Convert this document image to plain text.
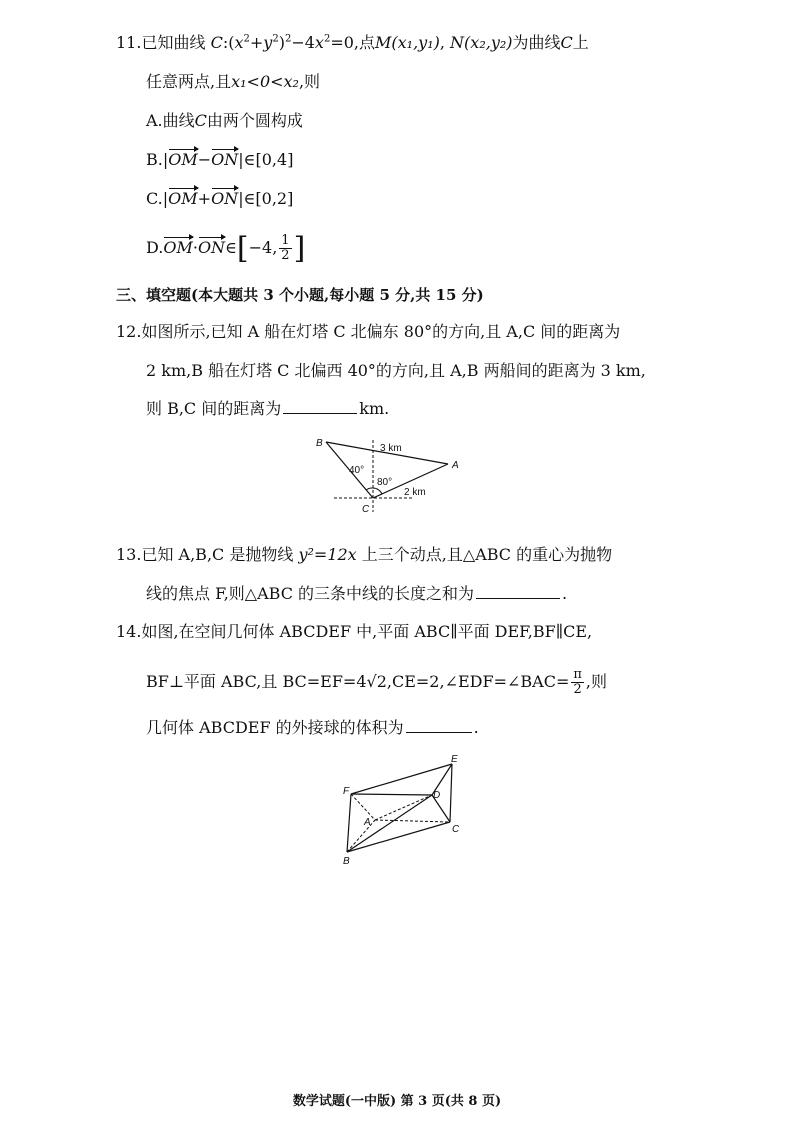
11.已知曲线 $C:(x^2+y^2)^2-4x^2=0$,点M(x₁,y₁), N(x₂,y₂)为曲线C上
任意两点,且x₁<0<x₂,则
A.曲线C由两个圆构成
B.|OM−ON|∈[0,4]
C.|OM+ON|∈[0,2]
D.OM·ON∈[−4, $\frac{1}{2}$ ]
三、填空题(本大题共 3 个小题,每小题 5 分,共 15 分)
12.如图所示,已知 A 船在灯塔 C 北偏东 80°的方向,且 A,C 间的距离为
2 km,B 船在灯塔 C 北偏西 40°的方向,且 A,B 两船间的距离为 3 km,
则 B,C 间的距离为	km.
B
A
C
3 km
40°
80°
2 km
13.已知 A,B,C 是抛物线 y²=12x 上三个动点,且△ABC 的重心为抛物
线的焦点 F,则△ABC 的三条中线的长度之和为	.
14.如图,在空间几何体 ABCDEF 中,平面 ABC∥平面 DEF,BF∥CE,
BF⊥平面 ABC,且 BC=EF=4√2,CE=2,∠EDF=∠BAC= $\frac{\pi}{2}$ ,则
几何体 ABCDEF 的外接球的体积为	.
E
F	D
A
C
B
数学试题(一中版) 第 3 页(共 8 页)
